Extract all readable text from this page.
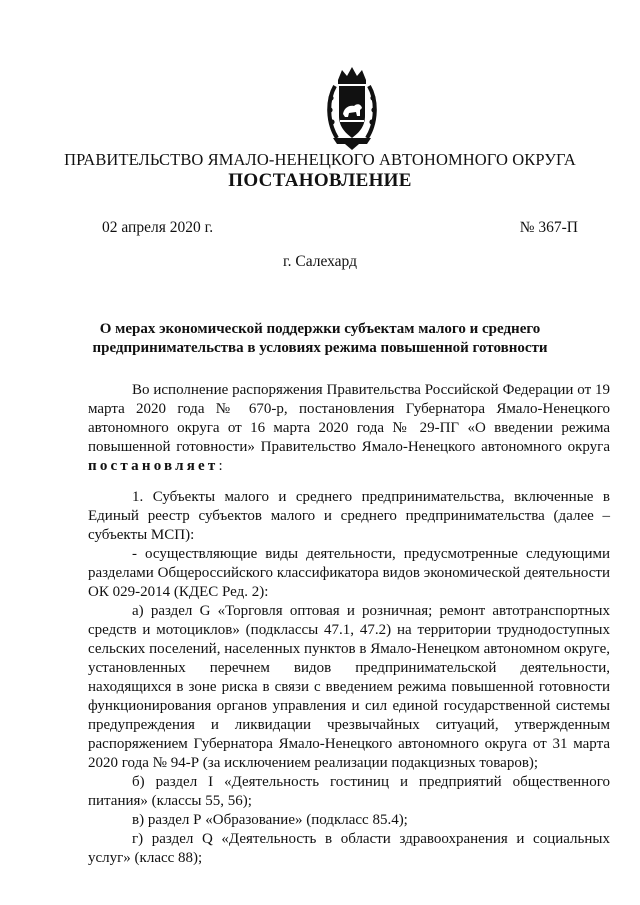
ПРАВИТЕЛЬСТВО ЯМАЛО-НЕНЕЦКОГО АВТОНОМНОГО ОКРУГА
ПОСТАНОВЛЕНИЕ
02 апреля 2020 г.	№ 367-П
г. Салехард
О мерах экономической поддержки субъектам малого и среднего
предпринимательства в условиях режима повышенной готовности

Во исполнение распоряжения Правительства Российской Федерации от 19 марта 2020 года № 670-р, постановления Губернатора Ямало-Ненецкого автономного округа от 16 марта 2020 года № 29-ПГ «О введении режима повышенной готовности» Правительство Ямало-Ненецкого автономного округа постановляет:

1. Субъекты малого и среднего предпринимательства, включенные в Единый реестр субъектов малого и среднего предпринимательства (далее – субъекты МСП):

- осуществляющие виды деятельности, предусмотренные следующими разделами Общероссийского классификатора видов экономической деятельности ОК 029-2014 (КДЕС Ред. 2):

а) раздел G «Торговля оптовая и розничная; ремонт автотранспортных средств и мотоциклов» (подклассы 47.1, 47.2) на территории труднодоступных сельских поселений, населенных пунктов в Ямало-Ненецком автономном округе, установленных перечнем видов предпринимательской деятельности, находящихся в зоне риска в связи с введением режима повышенной готовности функционирования органов управления и сил единой государственной системы предупреждения и ликвидации чрезвычайных ситуаций, утвержденным распоряжением Губернатора Ямало-Ненецкого автономного округа от 31 марта 2020 года № 94-Р (за исключением реализации подакцизных товаров);

б) раздел I «Деятельность гостиниц и предприятий общественного питания» (классы 55, 56);

в) раздел Р «Образование» (подкласс 85.4);

г) раздел Q «Деятельность в области здравоохранения и социальных услуг» (класс 88);
